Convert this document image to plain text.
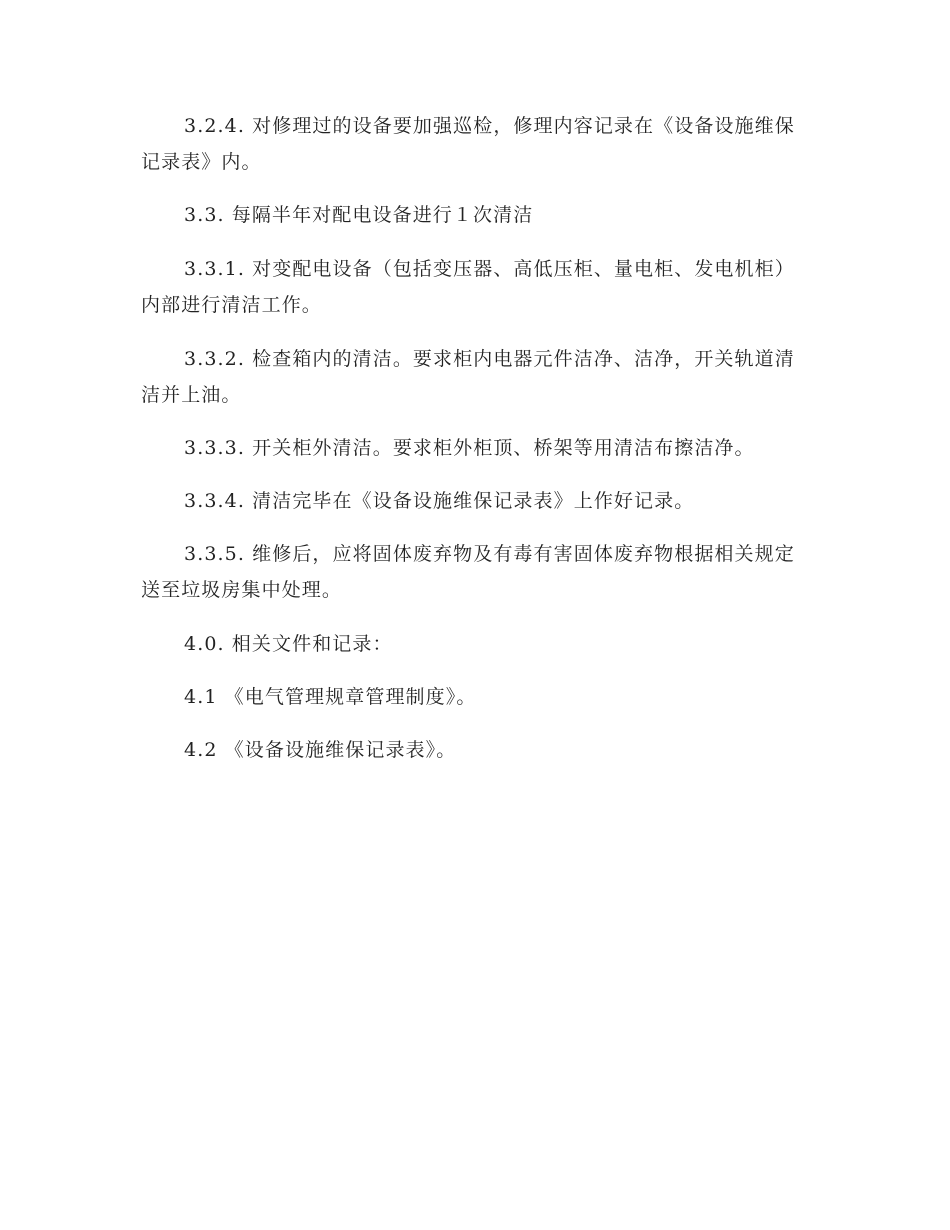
3.2.4. 对修理过的设备要加强巡检，修理内容记录在《设备设施维保记录表》内。

3.3. 每隔半年对配电设备进行１次清洁

3.3.1. 对变配电设备（包括变压器、高低压柜、量电柜、发电机柜）内部进行清洁工作。

3.3.2. 检查箱内的清洁。要求柜内电器元件洁净、洁净，开关轨道清洁并上油。

3.3.3. 开关柜外清洁。要求柜外柜顶、桥架等用清洁布擦洁净。

3.3.4. 清洁完毕在《设备设施维保记录表》上作好记录。

3.3.5. 维修后，应将固体废弃物及有毒有害固体废弃物根据相关规定送至垃圾房集中处理。

4.0. 相关文件和记录：

4.1 《电气管理规章管理制度》。

4.2 《设备设施维保记录表》。
